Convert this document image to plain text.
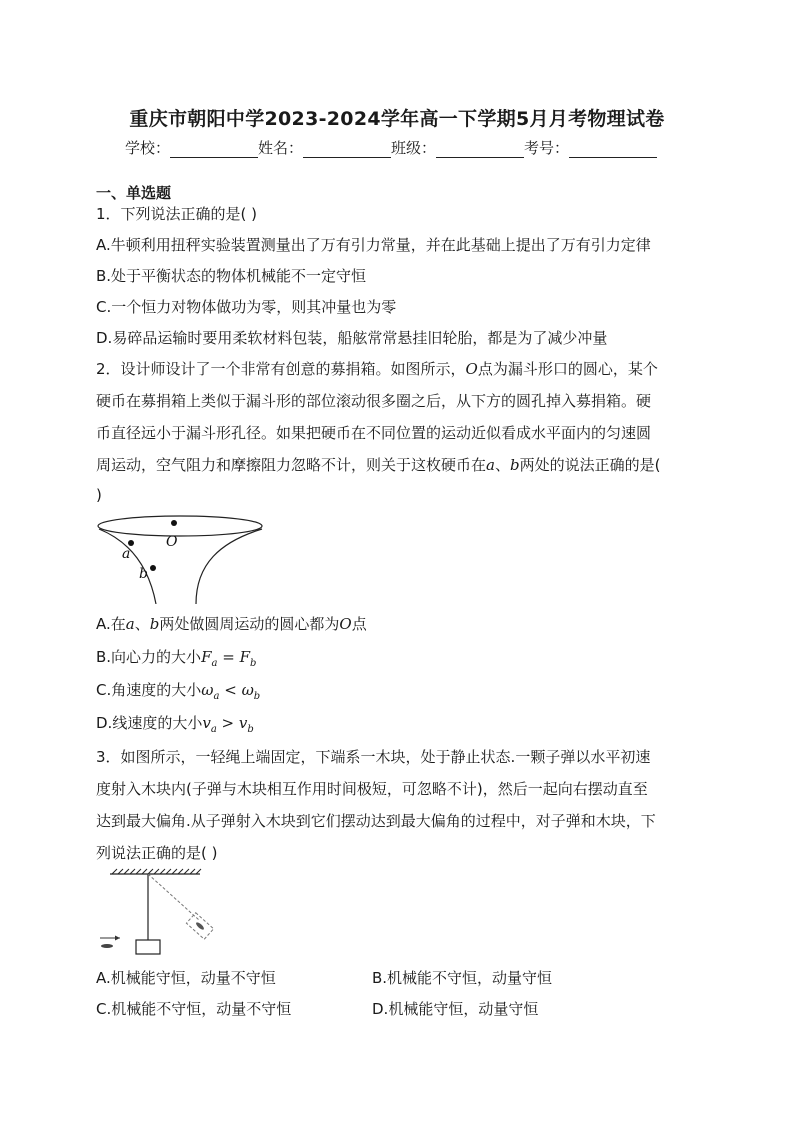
重庆市朝阳中学2023-2024学年高一下学期5月月考物理试卷
学校：	姓名：	班级：	考号：
一、单选题
1．下列说法正确的是( )
A.牛顿利用扭秤实验装置测量出了万有引力常量，并在此基础上提出了万有引力定律
B.处于平衡状态的物体机械能不一定守恒
C.一个恒力对物体做功为零，则其冲量也为零
D.易碎品运输时要用柔软材料包装，船舷常常悬挂旧轮胎，都是为了减少冲量
2．设计师设计了一个非常有创意的募捐箱。如图所示，O点为漏斗形口的圆心，某个
硬币在募捐箱上类似于漏斗形的部位滚动很多圈之后，从下方的圆孔掉入募捐箱。硬
币直径远小于漏斗形孔径。如果把硬币在不同位置的运动近似看成水平面内的匀速圆
周运动，空气阻力和摩擦阻力忽略不计，则关于这枚硬币在a、b两处的说法正确的是(
)
O
a
b
A.在a、b两处做圆周运动的圆心都为O点
B.向心力的大小$F_a = F_b$
C.角速度的大小$\omega_a < \omega_b$
D.线速度的大小$v_a > v_b$
3．如图所示，一轻绳上端固定，下端系一木块，处于静止状态.一颗子弹以水平初速
度射入木块内(子弹与木块相互作用时间极短，可忽略不计)，然后一起向右摆动直至
达到最大偏角.从子弹射入木块到它们摆动达到最大偏角的过程中，对子弹和木块，下
列说法正确的是( )
A.机械能守恒，动量不守恒	B.机械能不守恒，动量守恒
C.机械能不守恒，动量不守恒	D.机械能守恒，动量守恒
